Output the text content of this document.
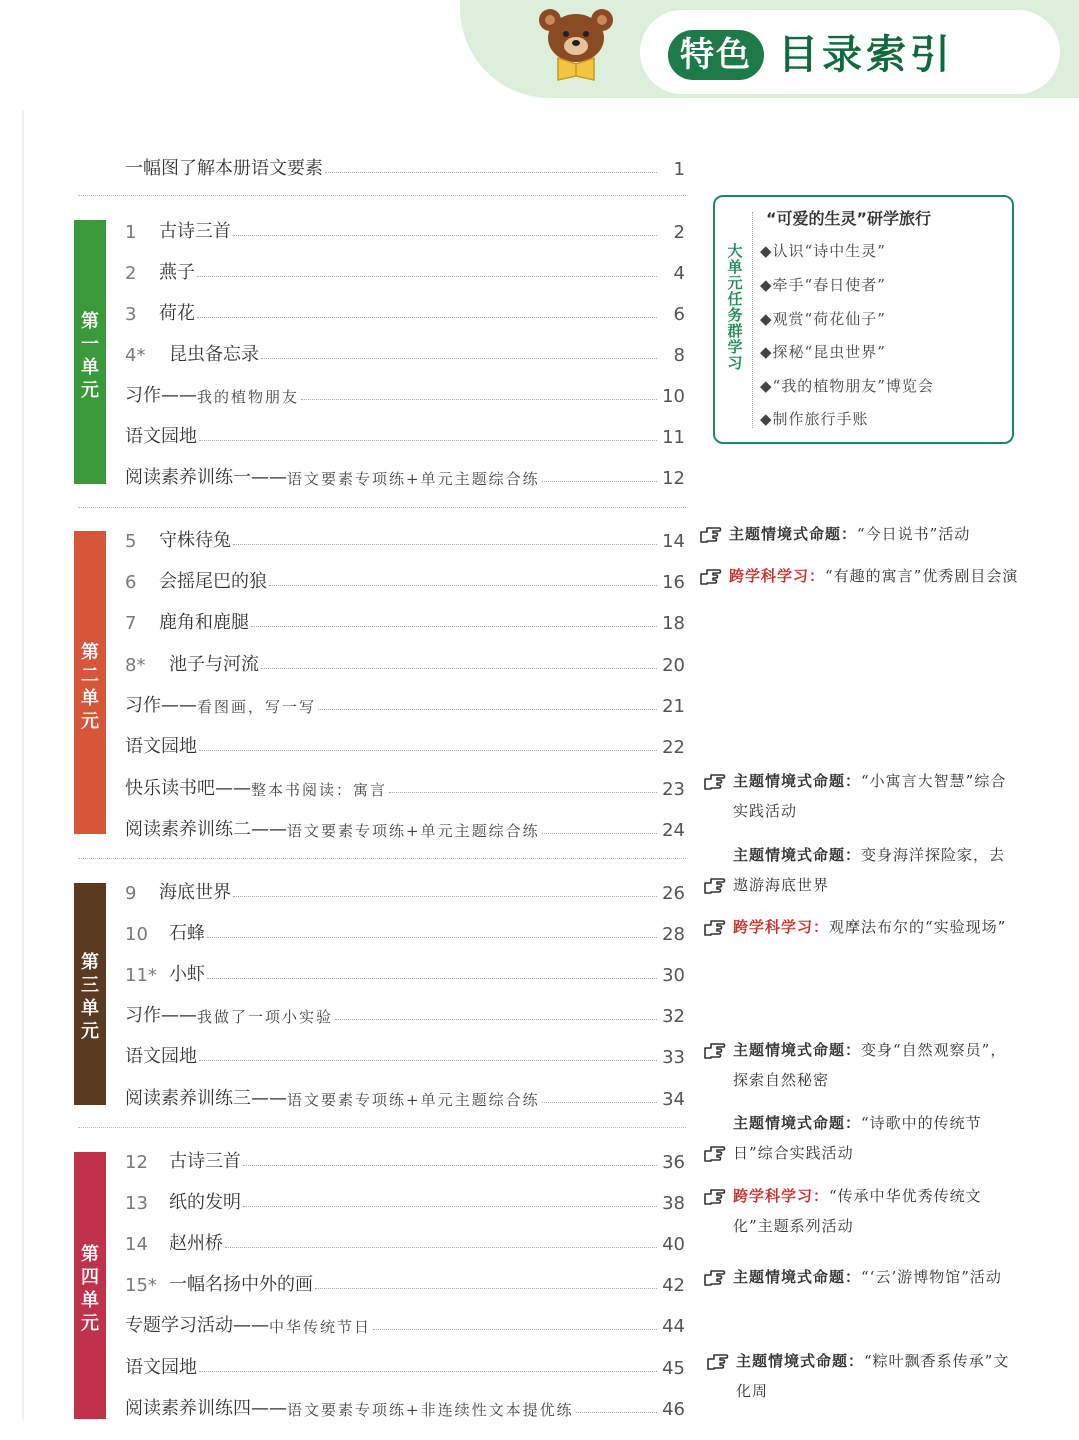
特色 目录索引
一幅图了解本册语文要素	1
第
一
单
元
第
二
单
元
第
三
单
元
第
四
单
元
1	古诗三首	2
2	燕子	4
3	荷花	6
4*	昆虫备忘录	8
习作—— 我的植物朋友	10
语文园地	11
阅读素养训练一—— 语文要素专项练+单元主题综合练	12
5	守株待兔	14
6	会摇尾巴的狼	16
7	鹿角和鹿腿	18
8*	池子与河流	20
习作—— 看图画，写一写	21
语文园地	22
快乐读书吧—— 整本书阅读：寓言	23
阅读素养训练二—— 语文要素专项练+单元主题综合练	24
9	海底世界	26
10	石蜂	28
11* 小虾	30
习作—— 我做了一项小实验	32
语文园地	33
阅读素养训练三—— 语文要素专项练+单元主题综合练	34
12	古诗三首	36
13	纸的发明	38
14	赵州桥	40
15* 一幅名扬中外的画	42
专题学习活动—— 中华传统节日	44
语文园地	45
阅读素养训练四—— 语文要素专项练+非连续性文本提优练	46
大
单
元
任
务
群
学
习
“可爱的生灵”研学旅行
◆认识“诗中生灵”
◆牵手“春日使者”
◆观赏“荷花仙子”
◆探秘“昆虫世界”
◆“我的植物朋友”博览会
◆制作旅行手账
主题情境式命题：“今日说书”活动
跨学科学习：“有趣的寓言”优秀剧目会演
主题情境式命题：“小寓言大智慧”综合实践活动
主题情境式命题：变身海洋探险家，去遨游海底世界
跨学科学习：观摩法布尔的“实验现场”
主题情境式命题：变身“自然观察员”，探索自然秘密
主题情境式命题：“诗歌中的传统节日”综合实践活动
跨学科学习：“传承中华优秀传统文化”主题系列活动
主题情境式命题：“‘云’游博物馆”活动
主题情境式命题：“粽叶飘香系传承”文化周
